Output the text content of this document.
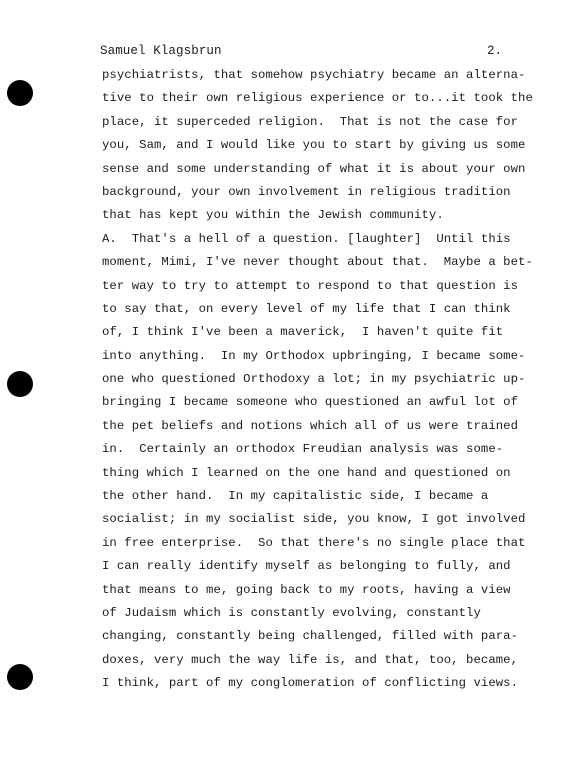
Samuel Klagsbrun	2.
psychiatrists, that somehow psychiatry became an alterna-
tive to their own religious experience or to...it took the
place, it superceded religion.  That is not the case for
you, Sam, and I would like you to start by giving us some
sense and some understanding of what it is about your own
background, your own involvement in religious tradition
that has kept you within the Jewish community.
A.  That's a hell of a question. [laughter]  Until this
moment, Mimi, I've never thought about that.  Maybe a bet-
ter way to try to attempt to respond to that question is
to say that, on every level of my life that I can think
of, I think I've been a maverick,  I haven't quite fit
into anything.  In my Orthodox upbringing, I became some-
one who questioned Orthodoxy a lot; in my psychiatric up-
bringing I became someone who questioned an awful lot of
the pet beliefs and notions which all of us were trained
in.  Certainly an orthodox Freudian analysis was some-
thing which I learned on the one hand and questioned on
the other hand.  In my capitalistic side, I became a
socialist; in my socialist side, you know, I got involved
in free enterprise.  So that there's no single place that
I can really identify myself as belonging to fully, and
that means to me, going back to my roots, having a view
of Judaism which is constantly evolving, constantly
changing, constantly being challenged, filled with para-
doxes, very much the way life is, and that, too, became,
I think, part of my conglomeration of conflicting views.
